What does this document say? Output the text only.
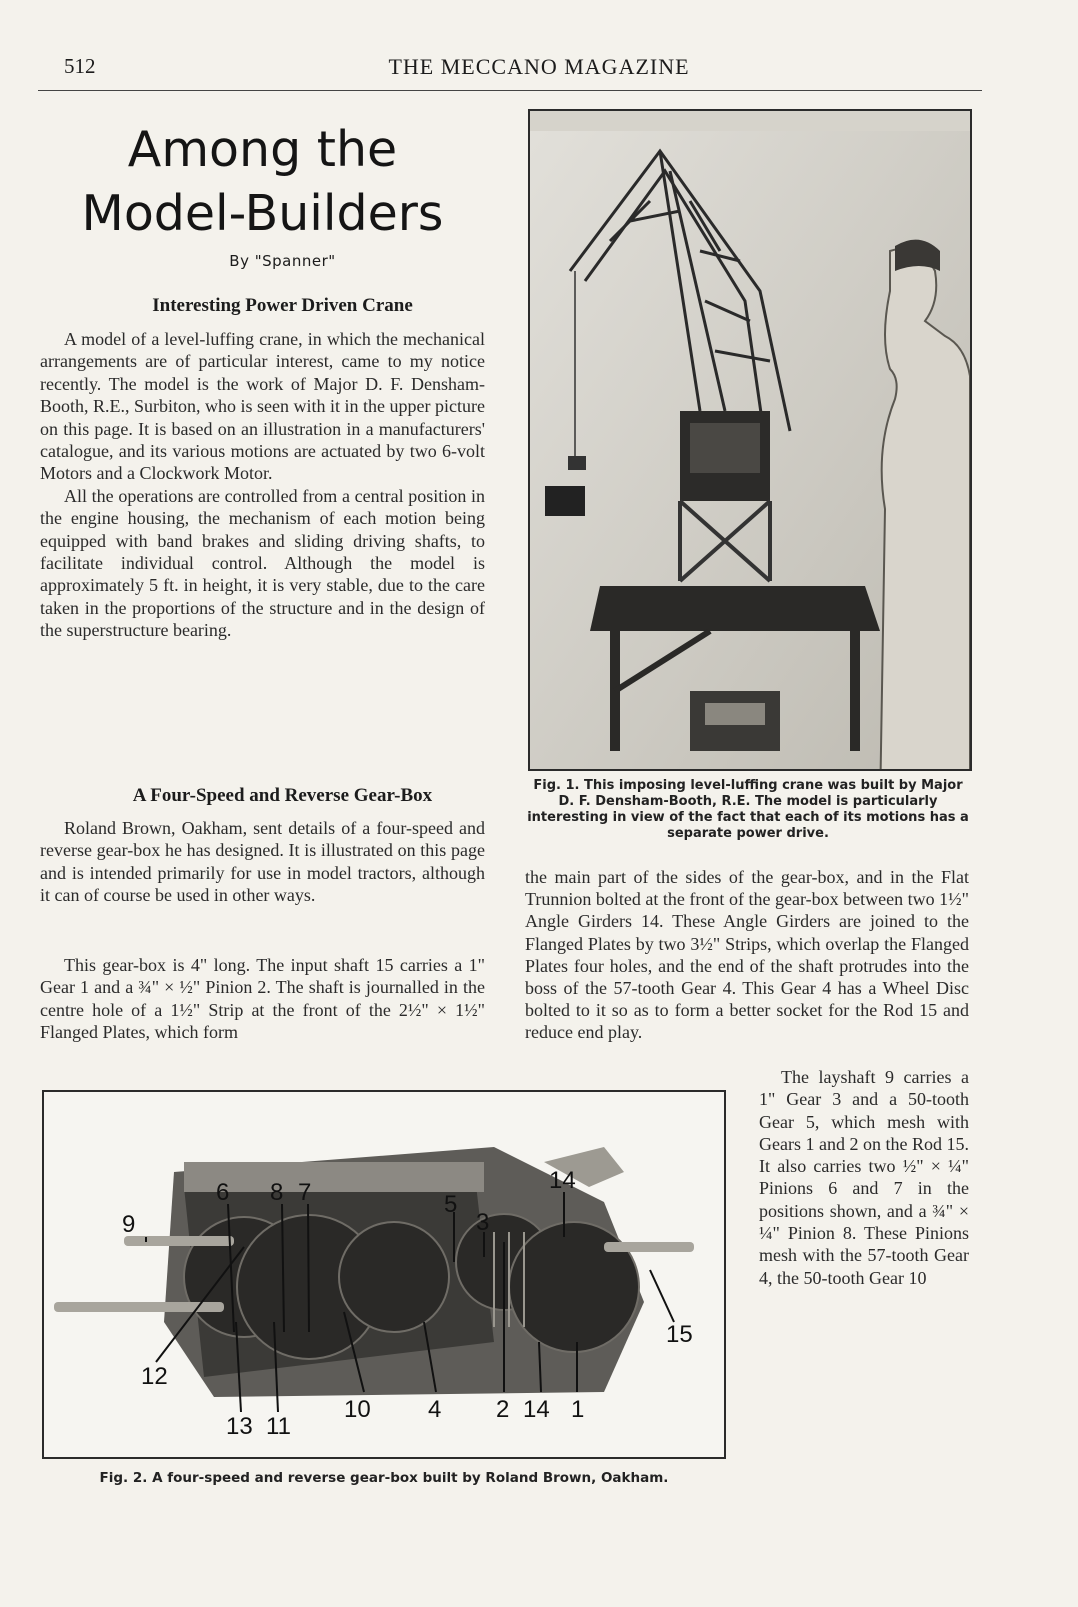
512	THE MECCANO MAGAZINE
Among the
Model-Builders
By "Spanner"
Interesting Power Driven Crane

A model of a level-luffing crane, in which the mechanical arrangements are of particular interest, came to my notice recently. The model is the work of Major D. F. Densham-Booth, R.E., Surbiton, who is seen with it in the upper picture on this page. It is based on an illustration in a manufacturers' catalogue, and its various motions are actuated by two 6-volt Motors and a Clockwork Motor.

All the operations are controlled from a central position in the engine housing, the mechanism of each motion being equipped with band brakes and sliding driving shafts, to facilitate individual control. Although the model is approximately 5 ft. in height, it is very stable, due to the care taken in the proportions of the structure and in the design of the superstructure bearing.

A Four-Speed and Reverse Gear-Box

Roland Brown, Oakham, sent details of a four-speed and reverse gear-box he has designed. It is illustrated on this page and is intended primarily for use in model tractors, although it can of course be used in other ways.

This gear-box is 4" long. The input shaft 15 carries a 1" Gear 1 and a ¾" × ½" Pinion 2. The shaft is journalled in the centre hole of a 1½" Strip at the front of the 2½" × 1½" Flanged Plates, which form

the main part of the sides of the gear-box, and in the Flat Trunnion bolted at the front of the gear-box between two 1½" Angle Girders 14. These Angle Girders are joined to the Flanged Plates by two 3½" Strips, which overlap the Flanged Plates four holes, and the end of the shaft protrudes into the boss of the 57-tooth Gear 4. This Gear 4 has a Wheel Disc bolted to it so as to form a better socket for the Rod 15 and reduce end play.
The layshaft 9 carries a 1" Gear 3 and a 50-tooth Gear 5, which mesh with Gears 1 and 2 on the Rod 15. It also carries two ½" × ¼" Pinions 6 and 7 in the positions shown, and a ¾" × ¼" Pinion 8. These Pinions mesh with the 57-tooth Gear 4, the 50-tooth Gear 10
Fig. 1. This imposing level-luffing crane was built by Major D. F. Densham-Booth, R.E. The model is particularly interesting in view of the fact that each of its motions has a separate power drive.
6 8 7	5
3
14
9
15
12
13 11
10 4 2 14 1
Fig. 2. A four-speed and reverse gear-box built by Roland Brown, Oakham.
